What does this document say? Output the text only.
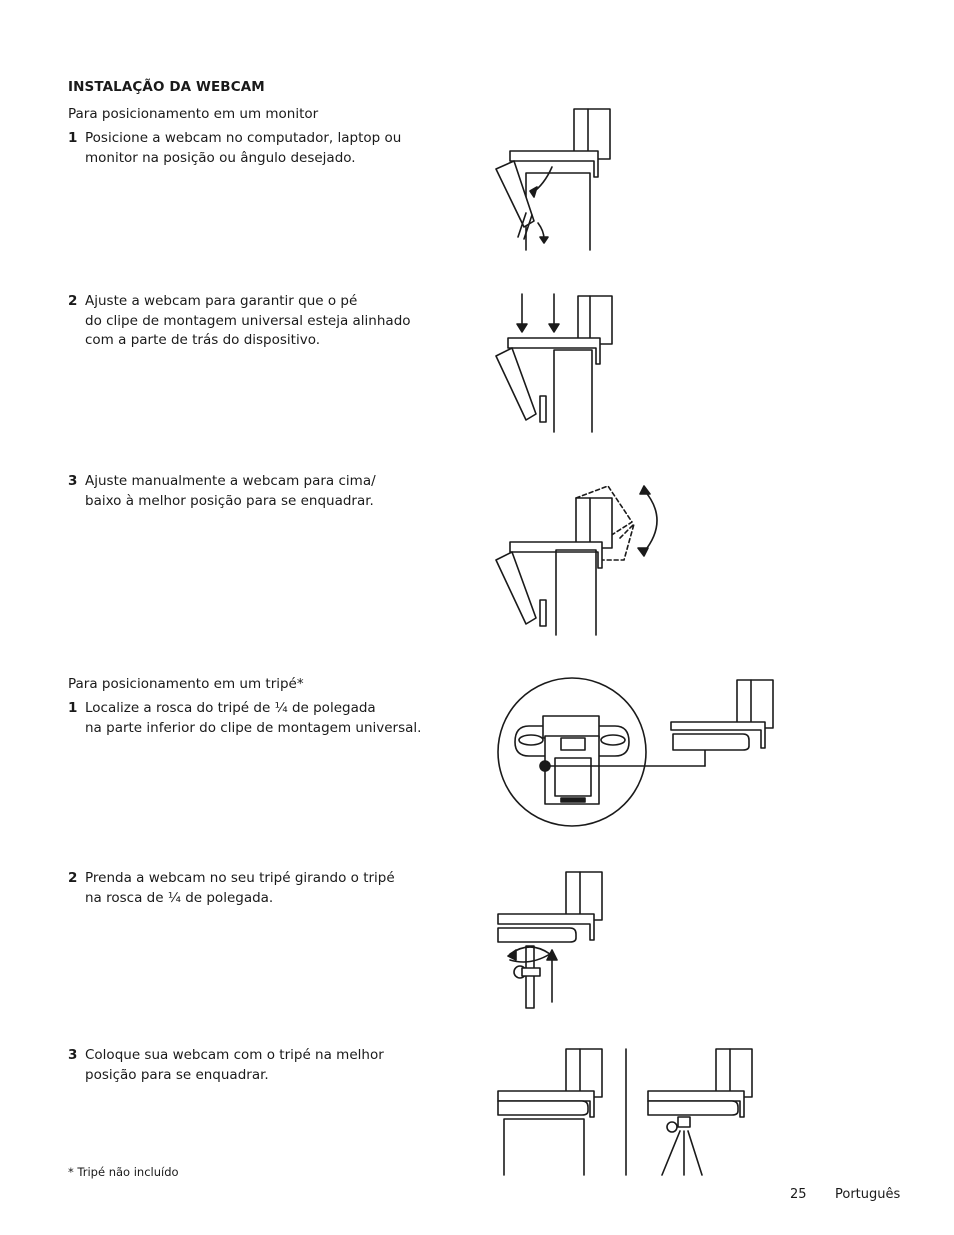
INSTALAÇÃO DA WEBCAM
Para posicionamento em um monitor
1 Posicione a webcam no computador, laptop ou
monitor na posição ou ângulo desejado.
2 Ajuste a webcam para garantir que o pé
do clipe de montagem universal esteja alinhado
com a parte de trás do dispositivo.
3 Ajuste manualmente a webcam para cima/
baixo à melhor posição para se enquadrar.
Para posicionamento em um tripé*
1 Localize a rosca do tripé de ¼ de polegada
na parte inferior do clipe de montagem universal.
2 Prenda a webcam no seu tripé girando o tripé
na rosca de ¼ de polegada.
3 Coloque sua webcam com o tripé na melhor
posição para se enquadrar.
* Tripé não incluído
25 Português
